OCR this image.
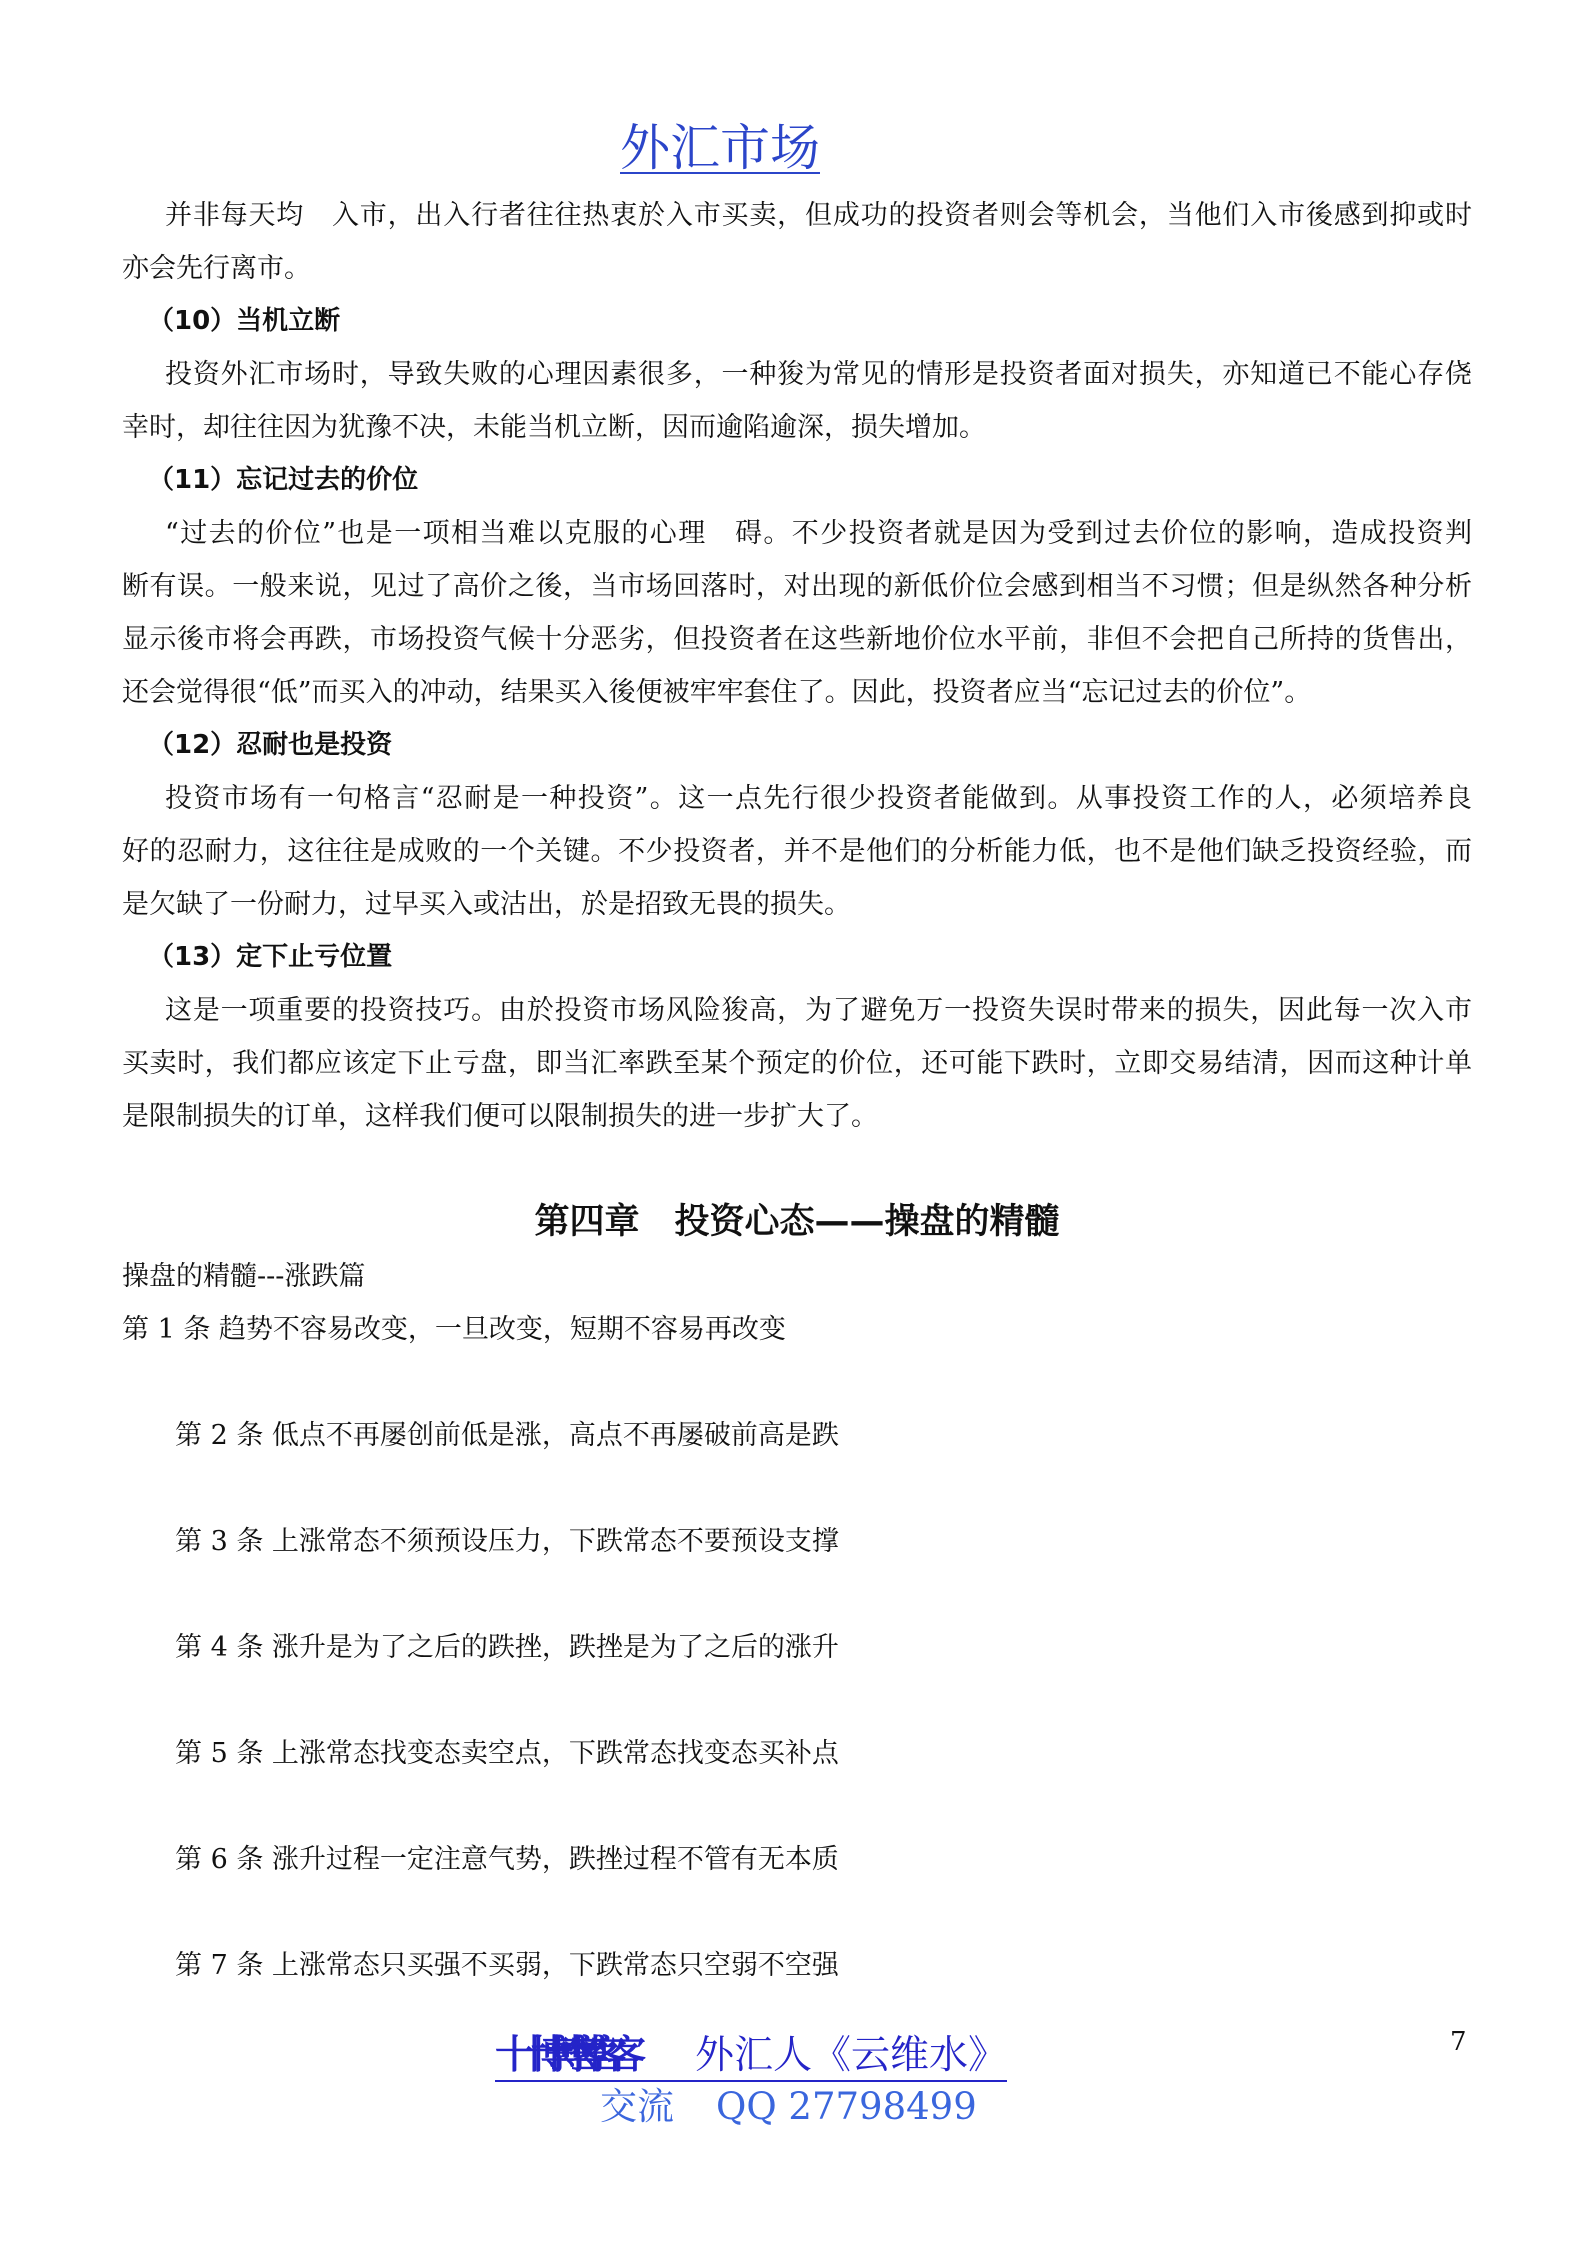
外汇市场
并非每天均　入市，出入行者往往热衷於入市买卖，但成功的投资者则会等机会，当他们入市後感到抑或时
亦会先行离市。
（10）当机立断
投资外汇市场时，导致失败的心理因素很多，一种狻为常见的情形是投资者面对损失，亦知道已不能心存侥
幸时，却往往因为犹豫不决，未能当机立断，因而逾陷逾深，损失增加。
（11）忘记过去的价位
“过去的价位”也是一项相当难以克服的心理　碍。不少投资者就是因为受到过去价位的影响，造成投资判
断有误。一般来说，见过了高价之後，当市场回落时，对出现的新低价位会感到相当不习惯；但是纵然各种分析
显示後市将会再跌，市场投资气候十分恶劣，但投资者在这些新地价位水平前，非但不会把自己所持的货售出，
还会觉得很“低”而买入的冲动，结果买入後便被牢牢套住了。因此，投资者应当“忘记过去的价位”。
（12）忍耐也是投资
投资市场有一句格言“忍耐是一种投资”。这一点先行很少投资者能做到。从事投资工作的人，必须培养良
好的忍耐力，这往往是成败的一个关键。不少投资者，并不是他们的分析能力低，也不是他们缺乏投资经验，而
是欠缺了一份耐力，过早买入或沽出，於是招致无畏的损失。
（13）定下止亏位置
这是一项重要的投资技巧。由於投资市场风险狻高，为了避免万一投资失误时带来的损失，因此每一次入市
买卖时，我们都应该定下止亏盘，即当汇率跌至某个预定的价位，还可能下跌时，立即交易结清，因而这种计单
是限制损失的订单，这样我们便可以限制损失的进一步扩大了。
第四章　投资心态——操盘的精髓
操盘的精髓---涨跌篇
第 1 条 趋势不容易改变，一旦改变，短期不容易再改变
第 2 条 低点不再屡创前低是涨，高点不再屡破前高是跌
第 3 条 上涨常态不须预设压力，下跌常态不要预设支撑
第 4 条 涨升是为了之后的跌挫，跌挫是为了之后的涨升
第 5 条 上涨常态找变态卖空点，下跌常态找变态买补点
第 6 条 涨升过程一定注意气势，跌挫过程不管有无本质
第 7 条 上涨常态只买强不买弱，下跌常态只空弱不空强
十博客 外汇人《云维水》	7
交流 QQ 27798499
